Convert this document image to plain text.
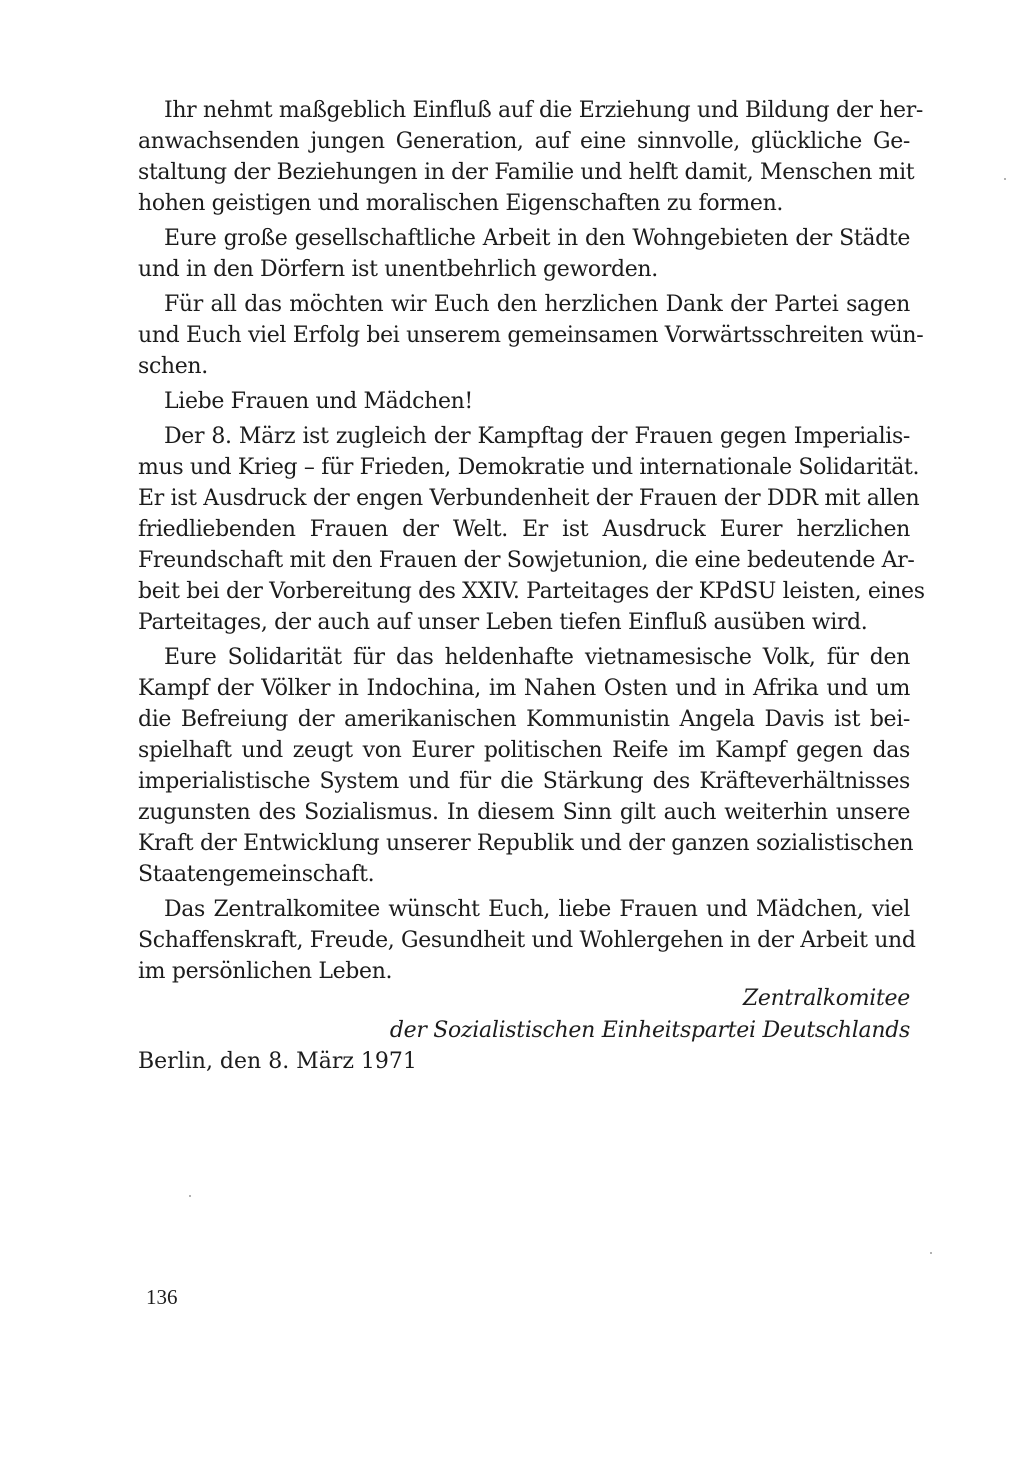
Ihr nehmt maßgeblich Einfluß auf die Erziehung und Bildung der her-
anwachsenden jungen Generation, auf eine sinnvolle, glückliche Ge-
staltung der Beziehungen in der Familie und helft damit, Menschen mit
hohen geistigen und moralischen Eigenschaften zu formen.
Eure große gesellschaftliche Arbeit in den Wohngebieten der Städte
und in den Dörfern ist unentbehrlich geworden.
Für all das möchten wir Euch den herzlichen Dank der Partei sagen
und Euch viel Erfolg bei unserem gemeinsamen Vorwärtsschreiten wün-
schen.
Liebe Frauen und Mädchen!
Der 8. März ist zugleich der Kampftag der Frauen gegen Imperialis-
mus und Krieg – für Frieden, Demokratie und internationale Solidarität.
Er ist Ausdruck der engen Verbundenheit der Frauen der DDR mit allen
friedliebenden Frauen der Welt. Er ist Ausdruck Eurer herzlichen
Freundschaft mit den Frauen der Sowjetunion, die eine bedeutende Ar-
beit bei der Vorbereitung des XXIV. Parteitages der KPdSU leisten, eines
Parteitages, der auch auf unser Leben tiefen Einfluß ausüben wird.
Eure Solidarität für das heldenhafte vietnamesische Volk, für den
Kampf der Völker in Indochina, im Nahen Osten und in Afrika und um
die Befreiung der amerikanischen Kommunistin Angela Davis ist bei-
spielhaft und zeugt von Eurer politischen Reife im Kampf gegen das
imperialistische System und für die Stärkung des Kräfteverhältnisses
zugunsten des Sozialismus. In diesem Sinn gilt auch weiterhin unsere
Kraft der Entwicklung unserer Republik und der ganzen sozialistischen
Staatengemeinschaft.
Das Zentralkomitee wünscht Euch, liebe Frauen und Mädchen, viel
Schaffenskraft, Freude, Gesundheit und Wohlergehen in der Arbeit und
im persönlichen Leben.
Zentralkomitee
der Sozialistischen Einheitspartei Deutschlands
Berlin, den 8. März 1971
136
